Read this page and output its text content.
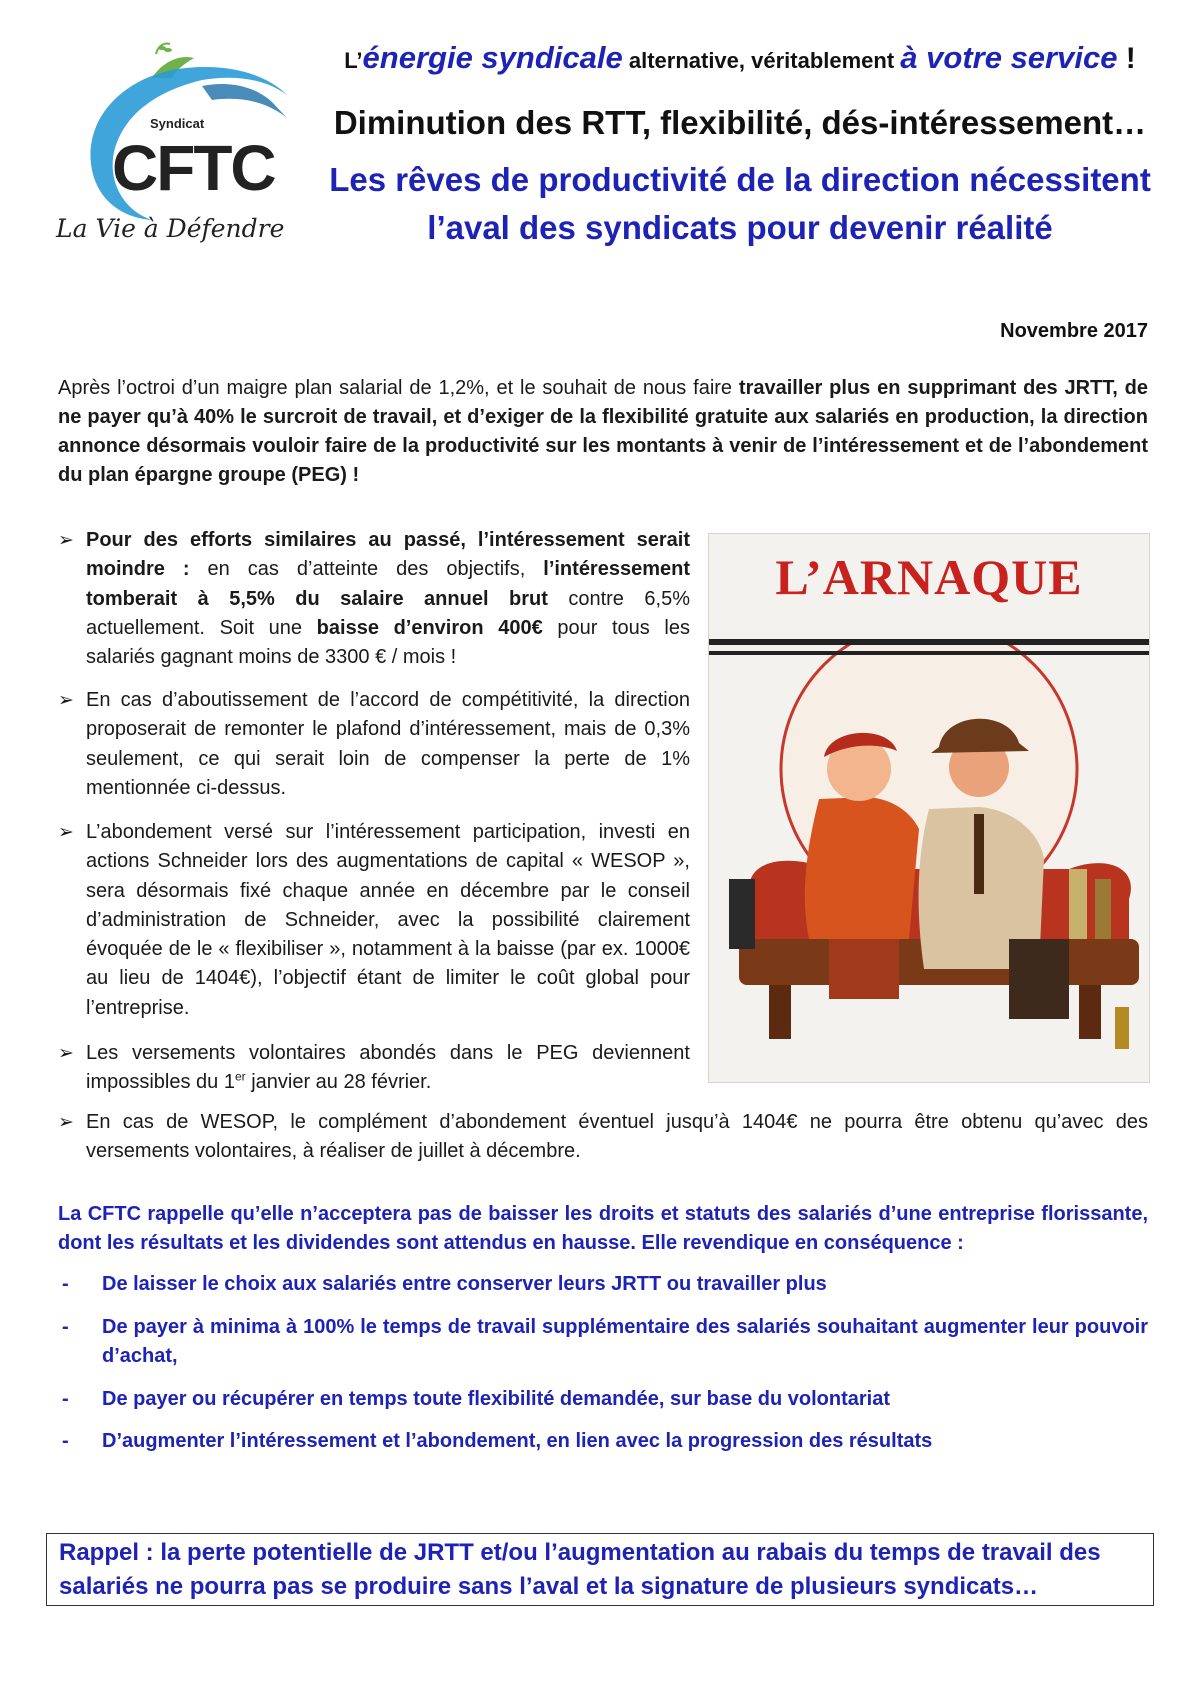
Syndicat
CFTC
La Vie à Défendre
L’énergie syndicale alternative, véritablement à votre service !
Diminution des RTT, flexibilité, dés-intéressement…
Les rêves de productivité de la direction nécessitent
l’aval des syndicats pour devenir réalité
Novembre 2017
Après l’octroi d’un maigre plan salarial de 1,2%, et le souhait de nous faire travailler plus en supprimant des JRTT, de ne payer qu’à 40% le surcroit de travail, et d’exiger de la flexibilité gratuite aux salariés en production, la direction annonce désormais vouloir faire de la productivité sur les montants à venir de l’intéressement et de l’abondement du plan épargne groupe (PEG) !
➢ Pour des efforts similaires au passé, l’intéressement serait moindre : en cas d’atteinte des objectifs, l’intéressement tomberait à 5,5% du salaire annuel brut contre 6,5% actuellement. Soit une baisse d’environ 400€ pour tous les salariés gagnant moins de 3300 € / mois !
➢ En cas d’aboutissement de l’accord de compétitivité, la direction proposerait de remonter le plafond d’intéressement, mais de 0,3% seulement, ce qui serait loin de compenser la perte de 1% mentionnée ci-dessus.
➢ L’abondement versé sur l’intéressement participation, investi en actions Schneider lors des augmentations de capital « WESOP », sera désormais fixé chaque année en décembre par le conseil d’administration de Schneider, avec la possibilité clairement évoquée de le « flexibiliser », notamment à la baisse (par ex. 1000€ au lieu de 1404€), l’objectif étant de limiter le coût global pour l’entreprise.
➢ Les versements volontaires abondés dans le PEG deviennent impossibles du 1er janvier au 28 février.
➢ En cas de WESOP, le complément d’abondement éventuel jusqu’à 1404€ ne pourra être obtenu qu’avec des versements volontaires, à réaliser de juillet à décembre.
L’ARNAQUE
La CFTC rappelle qu’elle n’acceptera pas de baisser les droits et statuts des salariés d’une entreprise florissante, dont les résultats et les dividendes sont attendus en hausse. Elle revendique en conséquence :
- De laisser le choix aux salariés entre conserver leurs JRTT ou travailler plus
- De payer à minima à 100% le temps de travail supplémentaire des salariés souhaitant augmenter leur pouvoir d’achat,
- De payer ou récupérer en temps toute flexibilité demandée, sur base du volontariat
- D’augmenter l’intéressement et l’abondement, en lien avec la progression des résultats
Rappel : la perte potentielle de JRTT et/ou l’augmentation au rabais du temps de travail des salariés ne pourra pas se produire sans l’aval et la signature de plusieurs syndicats…
